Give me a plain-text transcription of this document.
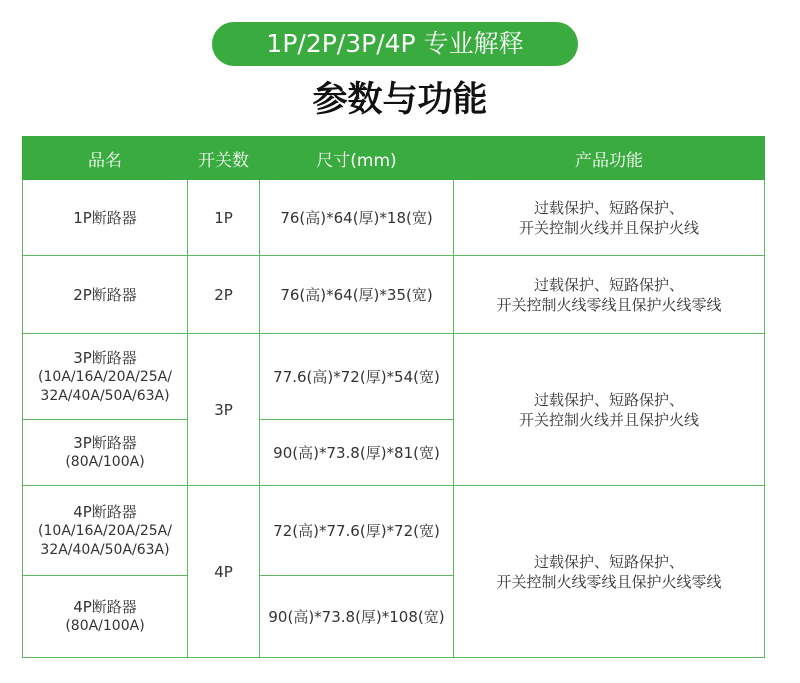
1P/2P/3P/4P 专业解释
参数与功能
品名	开关数	尺寸(mm)	产品功能
1P断路器	1P	76(高)*64(厚)*18(宽)	过载保护、短路保护、
开关控制火线并且保护火线

2P断路器	2P	76(高)*64(厚)*35(宽)	过载保护、短路保护、
开关控制火线零线且保护火线零线

3P断路器
(10A/16A/20A/25A/
32A/40A/50A/63A)	3P	77.6(高)*72(厚)*54(宽)	过载保护、短路保护、
开关控制火线并且保护火线

3P断路器
(80A/100A)		90(高)*73.8(厚)*81(宽)	

4P断路器
(10A/16A/20A/25A/
32A/40A/50A/63A)	4P	72(高)*77.6(厚)*72(宽)	过载保护、短路保护、
开关控制火线零线且保护火线零线

4P断路器
(80A/100A)		90(高)*73.8(厚)*108(宽)	
